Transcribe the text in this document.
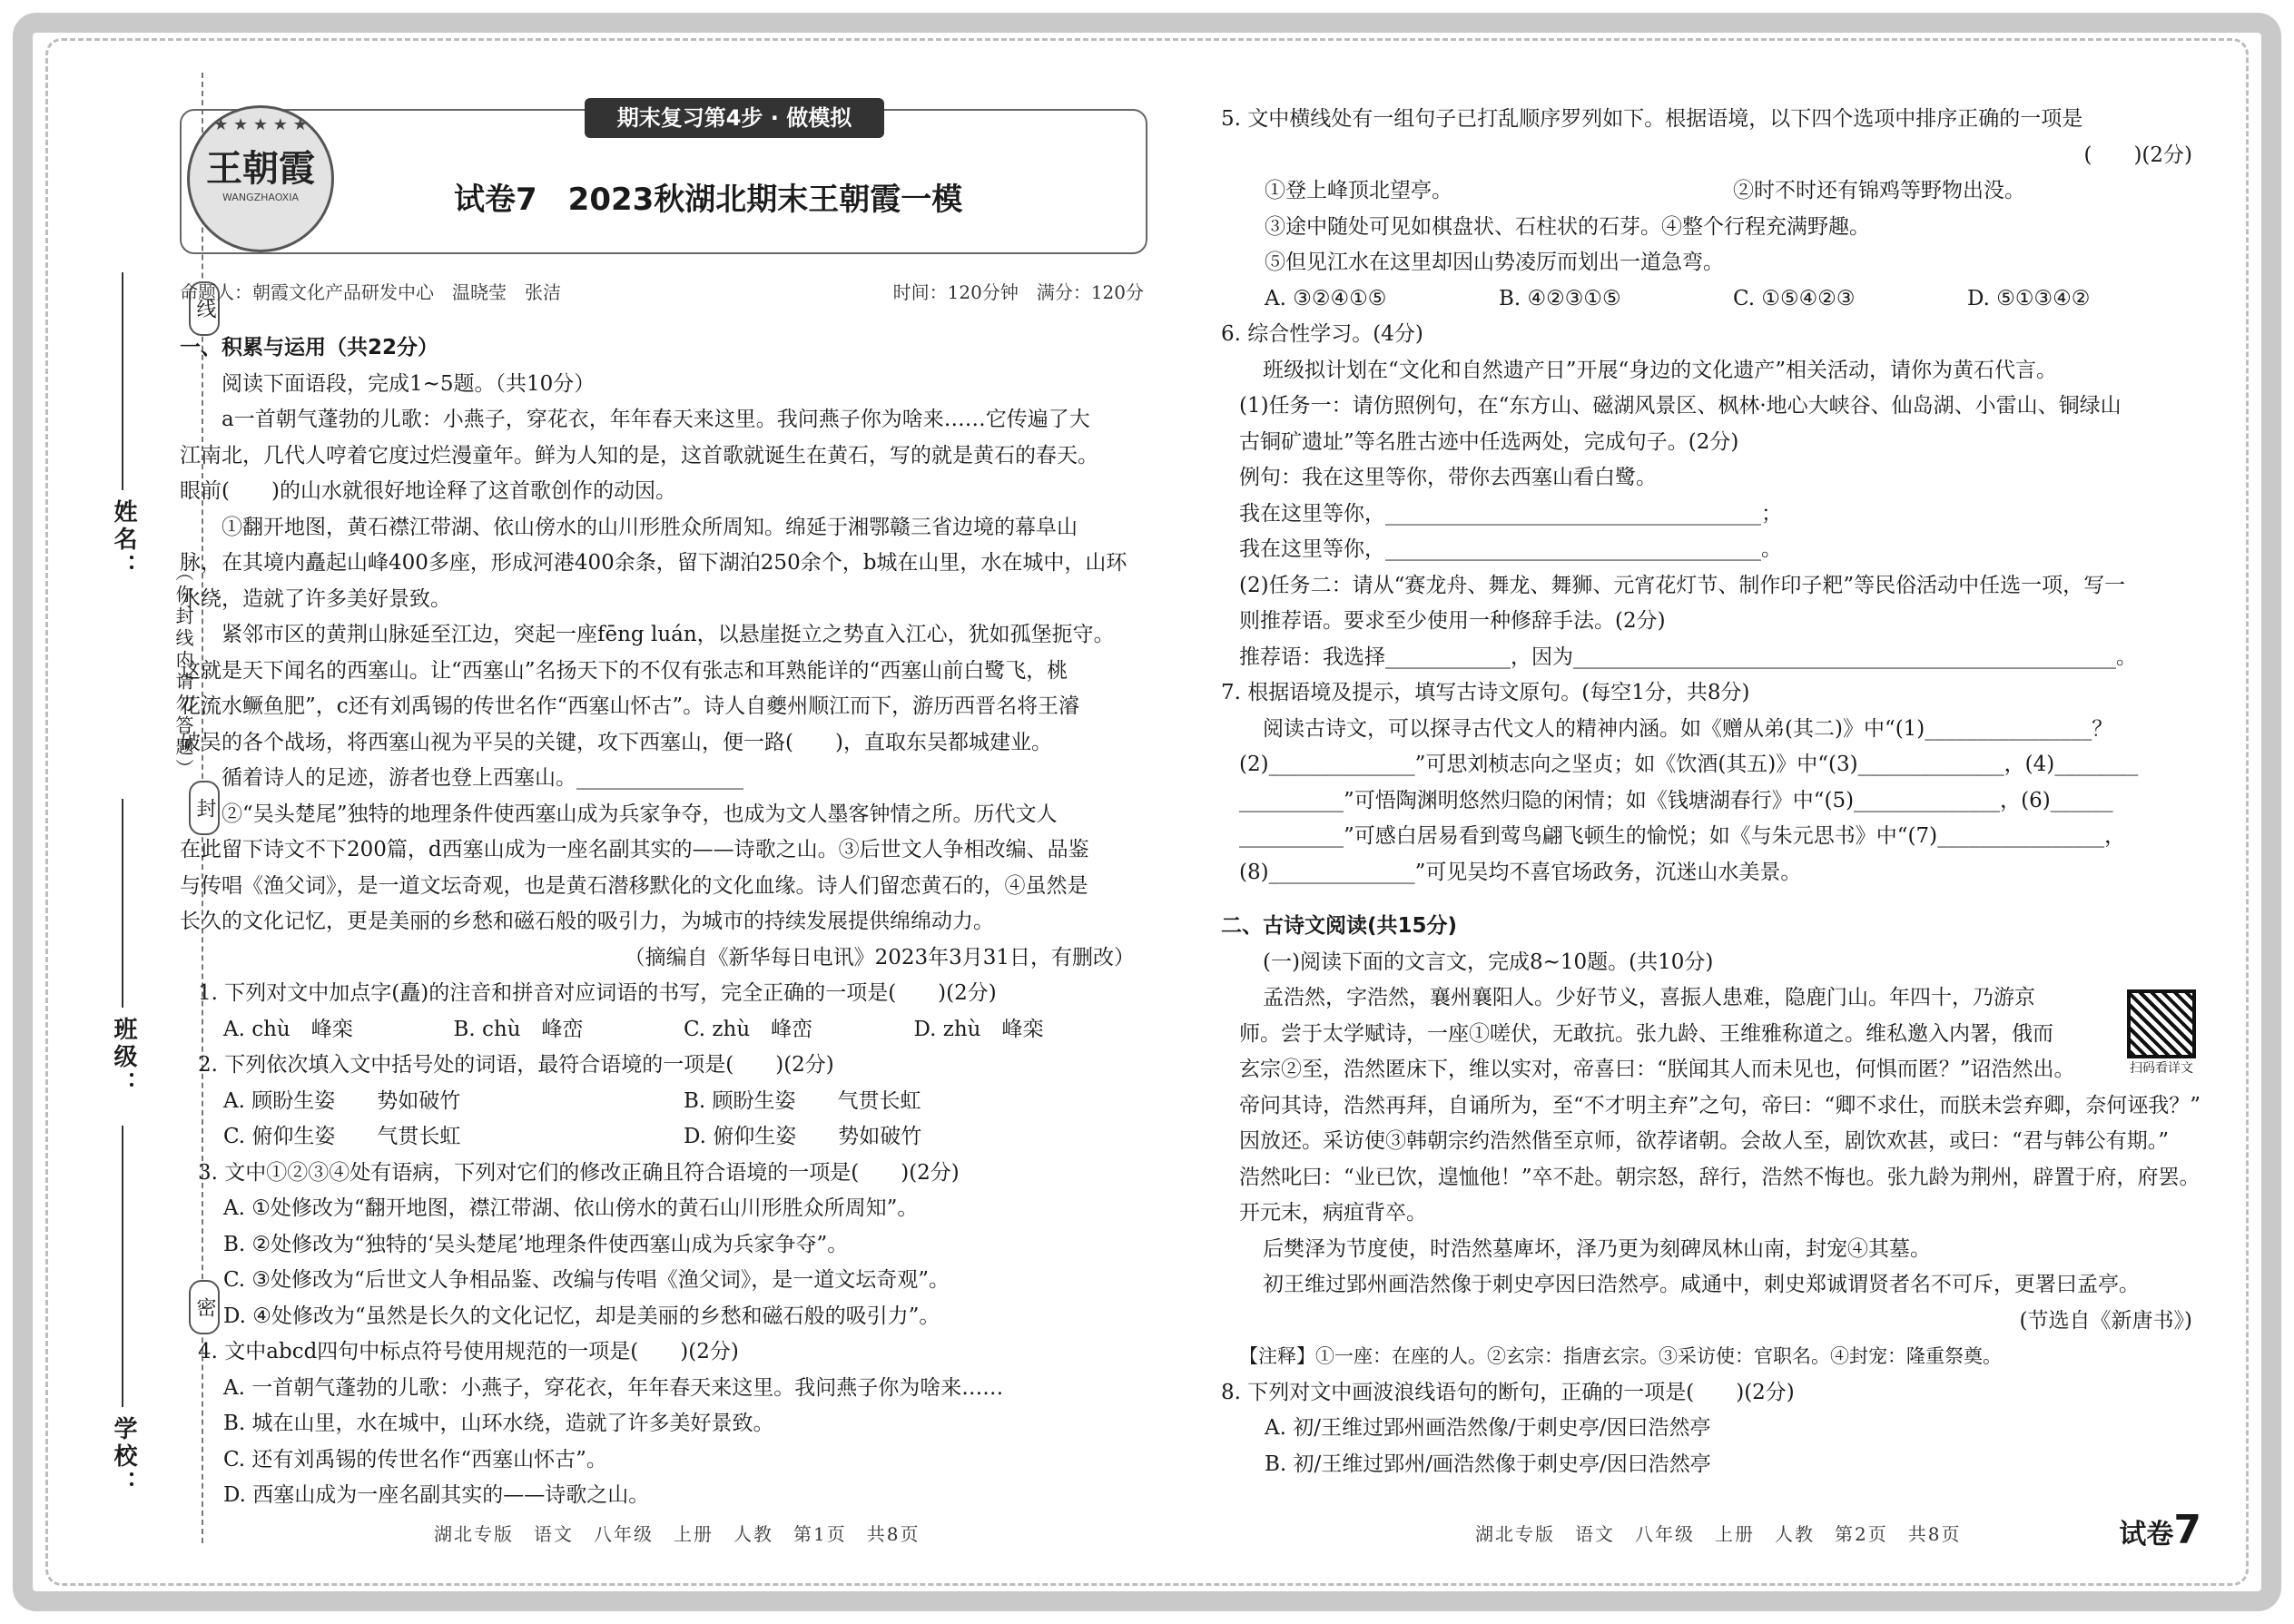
姓名：
班级：
学校：
线
封
密
（你封线内请勿答题）
★ ★ ★ ★ ★
王朝霞
WANGZHAOXIA
期末复习第4步 · 做模拟
试卷7　2023秋湖北期末王朝霞一模
命题人：朝霞文化产品研发中心　温晓莹　张洁	时间：120分钟　满分：120分

一、积累与运用（共22分）

阅读下面语段，完成1~5题。（共10分）

a一首朝气蓬勃的儿歌：小燕子，穿花衣，年年春天来这里。我问燕子你为啥来……它传遍了大

江南北，几代人哼着它度过烂漫童年。鲜为人知的是，这首歌就诞生在黄石，写的就是黄石的春天。

眼前(　　)的山水就很好地诠释了这首歌创作的动因。

①翻开地图，黄石襟江带湖、依山傍水的山川形胜众所周知。绵延于湘鄂赣三省边境的幕阜山

脉，在其境内矗起山峰400多座，形成河港400余条，留下湖泊250余个，b城在山里，水在城中，山环

水绕，造就了许多美好景致。

紧邻市区的黄荆山脉延至江边，突起一座fēng luán，以悬崖挺立之势直入江心，犹如孤堡扼守。

这就是天下闻名的西塞山。让“西塞山”名扬天下的不仅有张志和耳熟能详的“西塞山前白鹭飞，桃

花流水鳜鱼肥”，c还有刘禹锡的传世名作“西塞山怀古”。诗人自夔州顺江而下，游历西晋名将王濬

破吴的各个战场，将西塞山视为平吴的关键，攻下西塞山，便一路(　　)，直取东吴都城建业。

循着诗人的足迹，游者也登上西塞山。________________

②“吴头楚尾”独特的地理条件使西塞山成为兵家争夺，也成为文人墨客钟情之所。历代文人

在此留下诗文不下200篇，d西塞山成为一座名副其实的——诗歌之山。③后世文人争相改编、品鉴

与传唱《渔父词》，是一道文坛奇观，也是黄石潜移默化的文化血缘。诗人们留恋黄石的，④虽然是

长久的文化记忆，更是美丽的乡愁和磁石般的吸引力，为城市的持续发展提供绵绵动力。

（摘编自《新华每日电讯》2023年3月31日，有删改）

1. 下列对文中加点字(矗)的注音和拼音对应词语的书写，完全正确的一项是(　　)(2分)

A. chù　峰栾	B. chù　峰峦	C. zhù　峰峦	D. zhù　峰栾

2. 下列依次填入文中括号处的词语，最符合语境的一项是(　　)(2分)

A. 顾盼生姿　　势如破竹	B. 顾盼生姿　　气贯长虹

C. 俯仰生姿　　气贯长虹	D. 俯仰生姿　　势如破竹

3. 文中①②③④处有语病，下列对它们的修改正确且符合语境的一项是(　　)(2分)

A. ①处修改为“翻开地图，襟江带湖、依山傍水的黄石山川形胜众所周知”。

B. ②处修改为“独特的‘吴头楚尾’地理条件使西塞山成为兵家争夺”。

C. ③处修改为“后世文人争相品鉴、改编与传唱《渔父词》，是一道文坛奇观”。

D. ④处修改为“虽然是长久的文化记忆，却是美丽的乡愁和磁石般的吸引力”。

4. 文中abcd四句中标点符号使用规范的一项是(　　)(2分)

A. 一首朝气蓬勃的儿歌：小燕子，穿花衣，年年春天来这里。我问燕子你为啥来……

B. 城在山里，水在城中，山环水绕，造就了许多美好景致。

C. 还有刘禹锡的传世名作“西塞山怀古”。

D. 西塞山成为一座名副其实的——诗歌之山。

湖北专版　语文　八年级　上册　人教　第1页　共8页

5. 文中横线处有一组句子已打乱顺序罗列如下。根据语境，以下四个选项中排序正确的一项是

(　　)(2分)

①登上峰顶北望亭。	②时不时还有锦鸡等野物出没。

③途中随处可见如棋盘状、石柱状的石芽。④整个行程充满野趣。

⑤但见江水在这里却因山势凌厉而划出一道急弯。

A. ③②④①⑤	B. ④②③①⑤	C. ①⑤④②③	D. ⑤①③④②

6. 综合性学习。(4分)

班级拟计划在“文化和自然遗产日”开展“身边的文化遗产”相关活动，请你为黄石代言。

(1)任务一：请仿照例句，在“东方山、磁湖风景区、枫林·地心大峡谷、仙岛湖、小雷山、铜绿山

古铜矿遗址”等名胜古迹中任选两处，完成句子。(2分)

例句：我在这里等你，带你去西塞山看白鹭。

我在这里等你，____________________________________；

我在这里等你，____________________________________。

(2)任务二：请从“赛龙舟、舞龙、舞狮、元宵花灯节、制作印子粑”等民俗活动中任选一项，写一

则推荐语。要求至少使用一种修辞手法。(2分)

推荐语：我选择____________，因为____________________________________________________。

7. 根据语境及提示，填写古诗文原句。(每空1分，共8分)

阅读古诗文，可以探寻古代文人的精神内涵。如《赠从弟(其二)》中“(1)________________？

(2)______________”可思刘桢志向之坚贞；如《饮酒(其五)》中“(3)______________，(4)________

__________”可悟陶渊明悠然归隐的闲情；如《钱塘湖春行》中“(5)______________，(6)______

__________”可感白居易看到莺鸟翩飞顿生的愉悦；如《与朱元思书》中“(7)________________，

(8)______________”可见吴均不喜官场政务，沉迷山水美景。

二、古诗文阅读(共15分)

(一)阅读下面的文言文，完成8~10题。(共10分)

孟浩然，字浩然，襄州襄阳人。少好节义，喜振人患难，隐鹿门山。年四十，乃游京

师。尝于太学赋诗，一座①嗟伏，无敢抗。张九龄、王维雅称道之。维私邀入内署，俄而

玄宗②至，浩然匿床下，维以实对，帝喜曰：“朕闻其人而未见也，何惧而匿？”诏浩然出。

帝问其诗，浩然再拜，自诵所为，至“不才明主弃”之句，帝曰：“卿不求仕，而朕未尝弃卿，奈何诬我？”

因放还。采访使③韩朝宗约浩然偕至京师，欲荐诸朝。会故人至，剧饮欢甚，或曰：“君与韩公有期。”

浩然叱曰：“业已饮，遑恤他！”卒不赴。朝宗怒，辞行，浩然不悔也。张九龄为荆州，辟置于府，府罢。

开元末，病疽背卒。

后樊泽为节度使，时浩然墓庳坏，泽乃更为刻碑凤林山南，封宠④其墓。

初王维过郢州画浩然像于刺史亭因曰浩然亭。咸通中，刺史郑诚谓贤者名不可斥，更署曰孟亭。

(节选自《新唐书》)

【注释】①一座：在座的人。②玄宗：指唐玄宗。③采访使：官职名。④封宠：隆重祭奠。

8. 下列对文中画波浪线语句的断句，正确的一项是(　　)(2分)

A. 初/王维过郢州画浩然像/于刺史亭/因曰浩然亭

B. 初/王维过郢州/画浩然像于刺史亭/因曰浩然亭

扫码看详文
湖北专版　语文　八年级　上册　人教　第2页　共8页	试卷7
